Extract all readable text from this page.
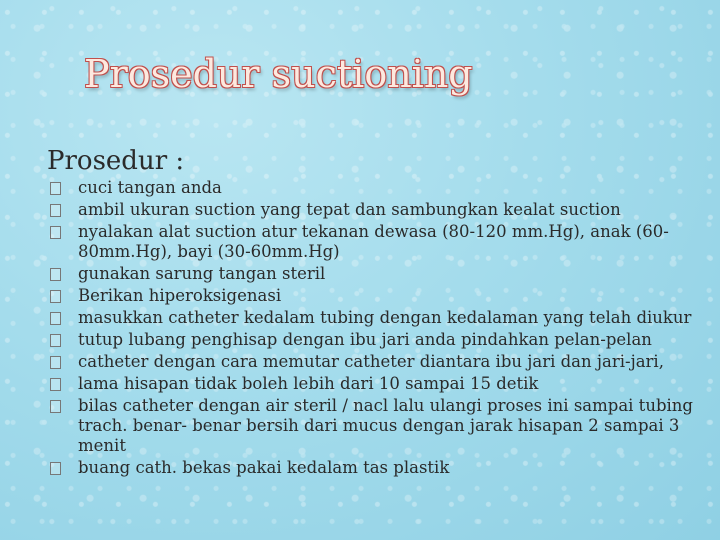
Prosedur suctioning
Prosedur :
cuci tangan anda
ambil ukuran suction yang tepat dan sambungkan kealat suction
nyalakan alat suction atur tekanan dewasa (80-120 mm.Hg), anak (60-80mm.Hg), bayi (30-60mm.Hg)
gunakan sarung tangan steril
Berikan hiperoksigenasi
masukkan catheter kedalam tubing dengan kedalaman yang telah diukur
tutup lubang penghisap dengan ibu jari anda pindahkan pelan-pelan
catheter dengan cara memutar catheter diantara ibu jari dan jari-jari,
lama hisapan tidak boleh lebih dari 10 sampai 15 detik
bilas catheter dengan air steril / nacl lalu ulangi proses ini sampai tubing trach. benar- benar bersih dari mucus dengan jarak hisapan 2 sampai 3 menit
buang cath. bekas pakai kedalam tas plastik
